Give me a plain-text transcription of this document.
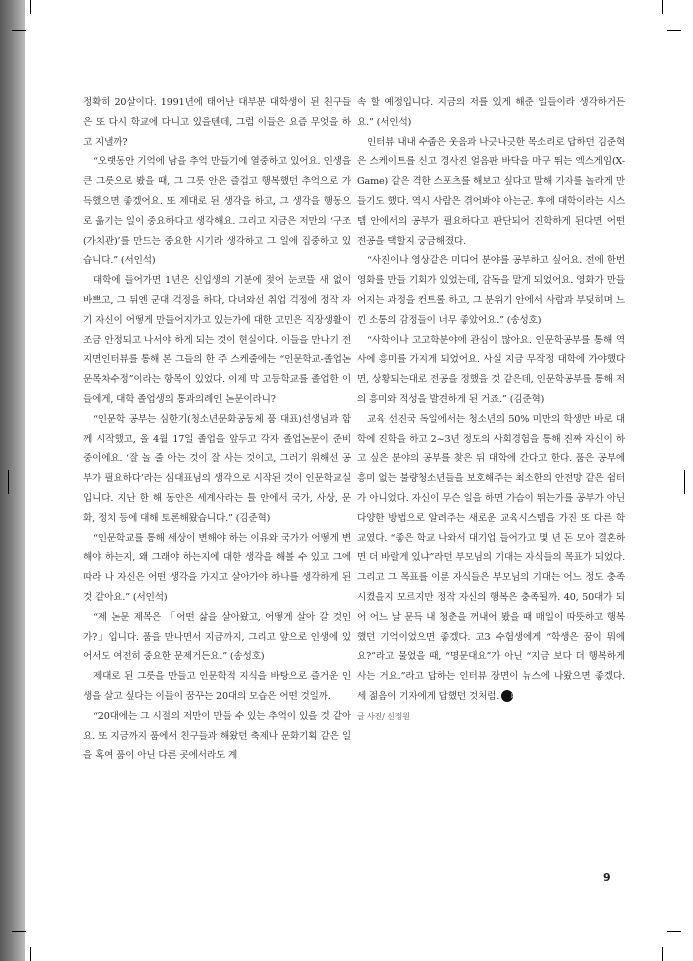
정확히 20살이다. 1991년에 태어난 대부분 대학생이 된 친구들은 또 다시 학교에 다니고 있을텐데, 그럼 이들은 요즘 무엇을 하고 지낼까?

“오랫동안 기억에 남을 추억 만들기에 열중하고 있어요. 인생을 큰 그릇으로 봤을 때, 그 그릇 안은 즐겁고 행복했던 추억으로 가득했으면 좋겠어요. 또 제대로 된 생각을 하고, 그 생각을 행동으로 옮기는 일이 중요하다고 생각해요. 그리고 지금은 저만의 ‘구조(가치관)’를 만드는 중요한 시기라 생각하고 그 일에 집중하고 있습니다.” (서인석)

대학에 들어가면 1년은 신입생의 기분에 젖어 눈코뜰 새 없이 바쁘고, 그 뒤엔 군대 걱정을 하다, 다녀와선 취업 걱정에 정작 자기 자신이 어떻게 만들어지가고 있는가에 대한 고민은 직장생활이 조금 안정되고 나서야 하게 되는 것이 현실이다. 이들을 만나기 전 지면인터뷰를 통해 본 그들의 한 주 스케줄에는 “인문학교-졸업논문목차수정”이라는 항목이 있었다. 이제 막 고등학교를 졸업한 이들에게, 대학 졸업생의 통과의례인 논문이라니?

“인문학 공부는 심한기(청소년문화공동체 품 대표)선생님과 함께 시작했고, 올 4월 17일 졸업을 앞두고 각자 졸업논문이 준비 중이에요. ‘잘 놀 줄 아는 것이 잘 사는 것이고, 그러기 위해선 공부가 필요하다’라는 심대표님의 생각으로 시작된 것이 인문학교실입니다. 지난 한 해 동안은 세계사라는 틀 안에서 국가, 사상, 문화, 정치 등에 대해 토론해왔습니다.” (김준혁)

“인문학교를 통해 세상이 변해야 하는 이유와 국가가 어떻게 변해야 하는지, 왜 그래야 하는지에 대한 생각을 해볼 수 있고 그에 따라 나 자신은 어떤 생각을 가지고 살아가야 하나를 생각하게 된 것 같아요.” (서인석)

“제 논문 제목은 「어떤 삶을 살아왔고, 어떻게 살아 갈 것인가?」입니다. 품을 만나면서 지금까지, 그리고 앞으로 인생에 있어서도 여전히 중요한 문제거든요.” (송성호)

제대로 된 그릇을 만들고 인문학적 지식을 바탕으로 즐거운 인생을 살고 싶다는 이들이 꿈꾸는 20대의 모습은 어떤 것일까.

“20대에는 그 시절의 저만이 만들 수 있는 추억이 있을 것 같아요. 또 지금까지 품에서 친구들과 해왔던 축제나 문화기획 같은 일을 혹여 품이 아닌 다른 곳에서라도 계

속 할 예정입니다. 지금의 저를 있게 해준 일들이라 생각하거든요.” (서인석)

인터뷰 내내 수줍은 웃음과 나긋나긋한 목소리로 답하던 김준혁은 스케이트를 신고 경사진 얼음판 바닥을 마구 뛰는 엑스게임(X-Game) 같은 격한 스포츠를 해보고 싶다고 말해 기자를 놀라게 만들기도 했다. 역시 사람은 겪어봐야 아는군. 후에 대학이라는 시스템 안에서의 공부가 필요하다고 판단되어 진학하게 된다면 어떤 전공을 택할지 궁금해졌다.

“사진이나 영상같은 미디어 분야를 공부하고 싶어요. 전에 한번 영화를 만들 기회가 있었는데, 감독을 맡게 되었어요. 영화가 만들어지는 과정을 컨트롤 하고, 그 분위기 안에서 사람과 부딪히며 느낀 소통의 감정들이 너무 좋았어요.” (송성호)

“사학이나 고고학분야에 관심이 많아요. 인문학공부를 통해 역사에 흥미를 가지게 되었어요. 사실 지금 무작정 대학에 가야했다면, 상황되는대로 전공을 정했을 것 같은데, 인문학공부를 통해 저의 흥미와 적성을 발견하게 된 거죠.” (김준혁)

교육 선진국 독일에서는 청소년의 50% 미만의 학생만 바로 대학에 진학을 하고 2~3년 정도의 사회경험을 통해 진짜 자신이 하고 싶은 분야의 공부를 찾은 뒤 대학에 간다고 한다. 품은 공부에 흥미 없는 불량청소년들을 보호해주는 최소한의 안전망 같은 쉼터가 아니었다. 자신이 무슨 일을 하면 가슴이 뛰는가를 공부가 아닌 다양한 방법으로 알려주는 새로운 교육시스템을 가진 또 다른 학교였다. “좋은 학교 나와서 대기업 들어가고 몇 년 돈 모아 결혼하면 더 바랄게 있냐”라던 부모님의 기대는 자식들의 목표가 되었다. 그리고 그 목표를 이룬 자식들은 부모님의 기대는 어느 정도 충족시켰을지 모르지만 정작 자신의 행복은 충족될까. 40, 50대가 되어 어느 날 문득 내 청춘을 꺼내어 봤을 때 매일이 따뜻하고 행복했던 기억이었으면 좋겠다. 고3 수험생에게 “학생은 꿈이 뭐에요?”라고 물었을 때, “명문대요”가 아닌 “지금 보다 더 행복하게 사는 거요.”라고 답하는 인터뷰 장면이 뉴스에 나왔으면 좋겠다. 세 젊음이 기자에게 답했던 것처럼. JAB

글 사진/ 신정원

9
